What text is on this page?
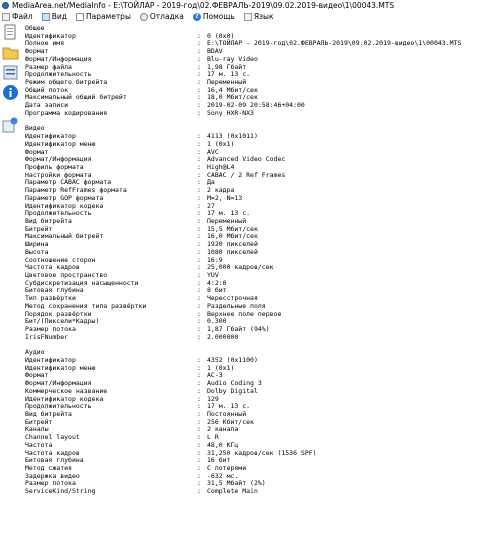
MediaArea.net/MediaInfo - E:\ТОЙЛАР - 2019-год\02.ФЕВРАЛЬ-2019\09.02.2019-видео\1\00043.MTS
Файл	Вид	Параметры	Отладка	? Помощь	Язык
Общее
Идентификатор	: 0 (0x0)
Полное имя	: E:\ТОЙЛАР - 2019-год\02.ФЕВРАЛЬ-2019\09.02.2019-видео\1\00043.MTS
Формат	: BDAV
Формат/Информация	: Blu-ray Video
Размер файла	: 1,98 Гбайт
Продолжительность	: 17 м. 13 с.
Режим общего битрейта	: Переменный
Общий поток	: 16,4 Мбит/сек
Максимальный общий битрейт	: 18,0 Мбит/сек
Дата записи	: 2019-02-09 20:58:46+04:00
Программа кодирования	: Sony HXR-NX3
Видео
Идентификатор	: 4113 (0x1011)
Идентификатор меню	: 1 (0x1)
Формат	: AVC
Формат/Информация	: Advanced Video Codec
Профиль формата	: High@L4
Настройки формата	: CABAC / 2 Ref Frames
Параметр CABAC формата	: Да
Параметр RefFrames формата	: 2 кадра
Параметр GOP формата	: M=2, N=13
Идентификатор кодека	: 27
Продолжительность	: 17 м. 13 с.
Вид битрейта	: Переменный
Битрейт	: 15,5 Мбит/сек
Максимальный битрейт	: 16,0 Мбит/сек
Ширина	: 1920 пикселей
Высота	: 1080 пикселей
Соотношение сторон	: 16:9
Частота кадров	: 25,000 кадров/сек
Цветовое пространство	: YUV
Субдискретизация насыщенности	: 4:2:0
Битовая глубина	: 8 бит
Тип развёртки	: Чересстрочная
Метод сохранения типа развёртки	: Раздельные поля
Порядок развёртки	: Верхнее поле первое
Бит/(Пиксели*Кадры)	: 0.300
Размер потока	: 1,87 Гбайт (94%)
IrisFNumber	: 2.000000
Аудио
Идентификатор	: 4352 (0x1100)
Идентификатор меню	: 1 (0x1)
Формат	: AC-3
Формат/Информация	: Audio Coding 3
Коммерческое название	: Dolby Digital
Идентификатор кодека	: 129
Продолжительность	: 17 м. 13 с.
Вид битрейта	: Постоянный
Битрейт	: 256 Кбит/сек
Каналы	: 2 канала
Channel layout	: L R
Частота	: 48,0 КГц
Частота кадров	: 31,250 кадров/сек (1536 SPF)
Битовая глубина	: 16 бит
Метод сжатия	: С потерями
Задержка видео	: -632 мс.
Размер потока	: 31,5 Мбайт (2%)
ServiceKind/String	: Complete Main
